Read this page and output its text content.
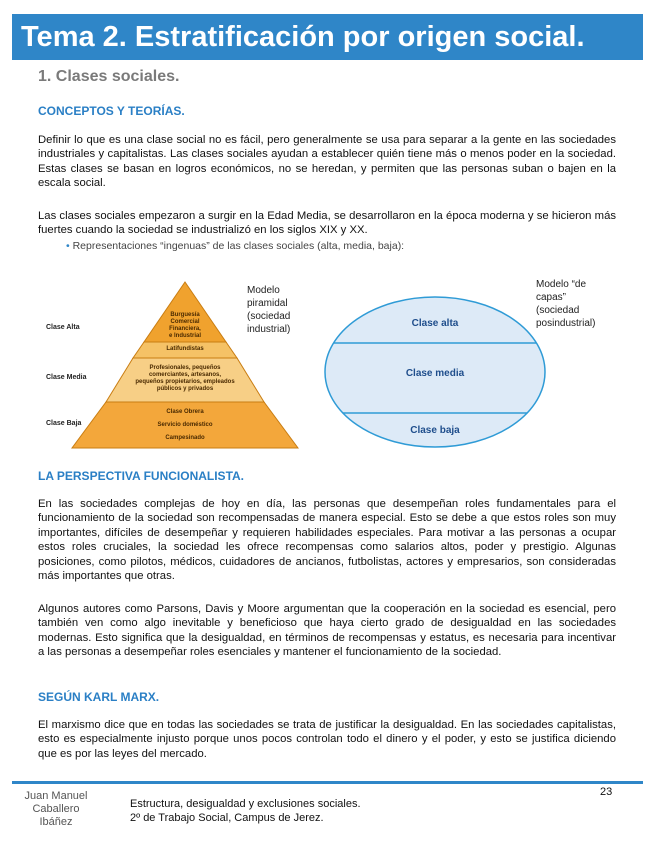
Tema 2. Estratificación por origen social.
1. Clases sociales.
CONCEPTOS Y TEORÍAS.

Definir lo que es una clase social no es fácil, pero generalmente se usa para separar a la gente en las sociedades industriales y capitalistas. Las clases sociales ayudan a establecer quién tiene más o menos poder en la sociedad. Estas clases se basan en logros económicos, no se heredan, y permiten que las personas suban o bajen en la escala social.

Las clases sociales empezaron a surgir en la Edad Media, se desarrollaron en la época moderna y se hicieron más fuertes cuando la sociedad se industrializó en los siglos XIX y XX.

• Representaciones “ingenuas” de las clases sociales (alta, media, baja):
Clase Alta
Clase Media
Clase Baja
Burguesía
Comercial
Financiera,
e Industrial
Latifundistas
Profesionales, pequeños
comerciantes, artesanos,
pequeños propietarios, empleados
públicos y privados
Clase Obrera
Servicio doméstico
Campesinado
Modelo
piramidal
(sociedad
industrial)
Clase alta
Clase media
Clase baja
Modelo “de
capas”
(sociedad
posindustrial)
LA PERSPECTIVA FUNCIONALISTA.

En las sociedades complejas de hoy en día, las personas que desempeñan roles fundamentales para el funcionamiento de la sociedad son recompensadas de manera especial. Esto se debe a que estos roles son muy importantes, difíciles de desempeñar y requieren habilidades especiales. Para motivar a las personas a ocupar estos roles cruciales, la sociedad les ofrece recompensas como salarios altos, poder y prestigio. Algunas posiciones, como pilotos, médicos, cuidadores de ancianos, futbolistas, actores y empresarios, son consideradas más importantes que otras.

Algunos autores como Parsons, Davis y Moore argumentan que la cooperación en la sociedad es esencial, pero también ven como algo inevitable y beneficioso que haya cierto grado de desigualdad en las sociedades modernas. Esto significa que la desigualdad, en términos de recompensas y estatus, es necesaria para incentivar a las personas a desempeñar roles esenciales y mantener el funcionamiento de la sociedad.

SEGÚN KARL MARX.

El marxismo dice que en todas las sociedades se trata de justificar la desigualdad. En las sociedades capitalistas, esto es especialmente injusto porque unos pocos controlan todo el dinero y el poder, y esto se justifica diciendo que es por las leyes del mercado.

Juan Manuel
Caballero
Ibáñez
Estructura, desigualdad y exclusiones sociales.
2º de Trabajo Social, Campus de Jerez.
23
